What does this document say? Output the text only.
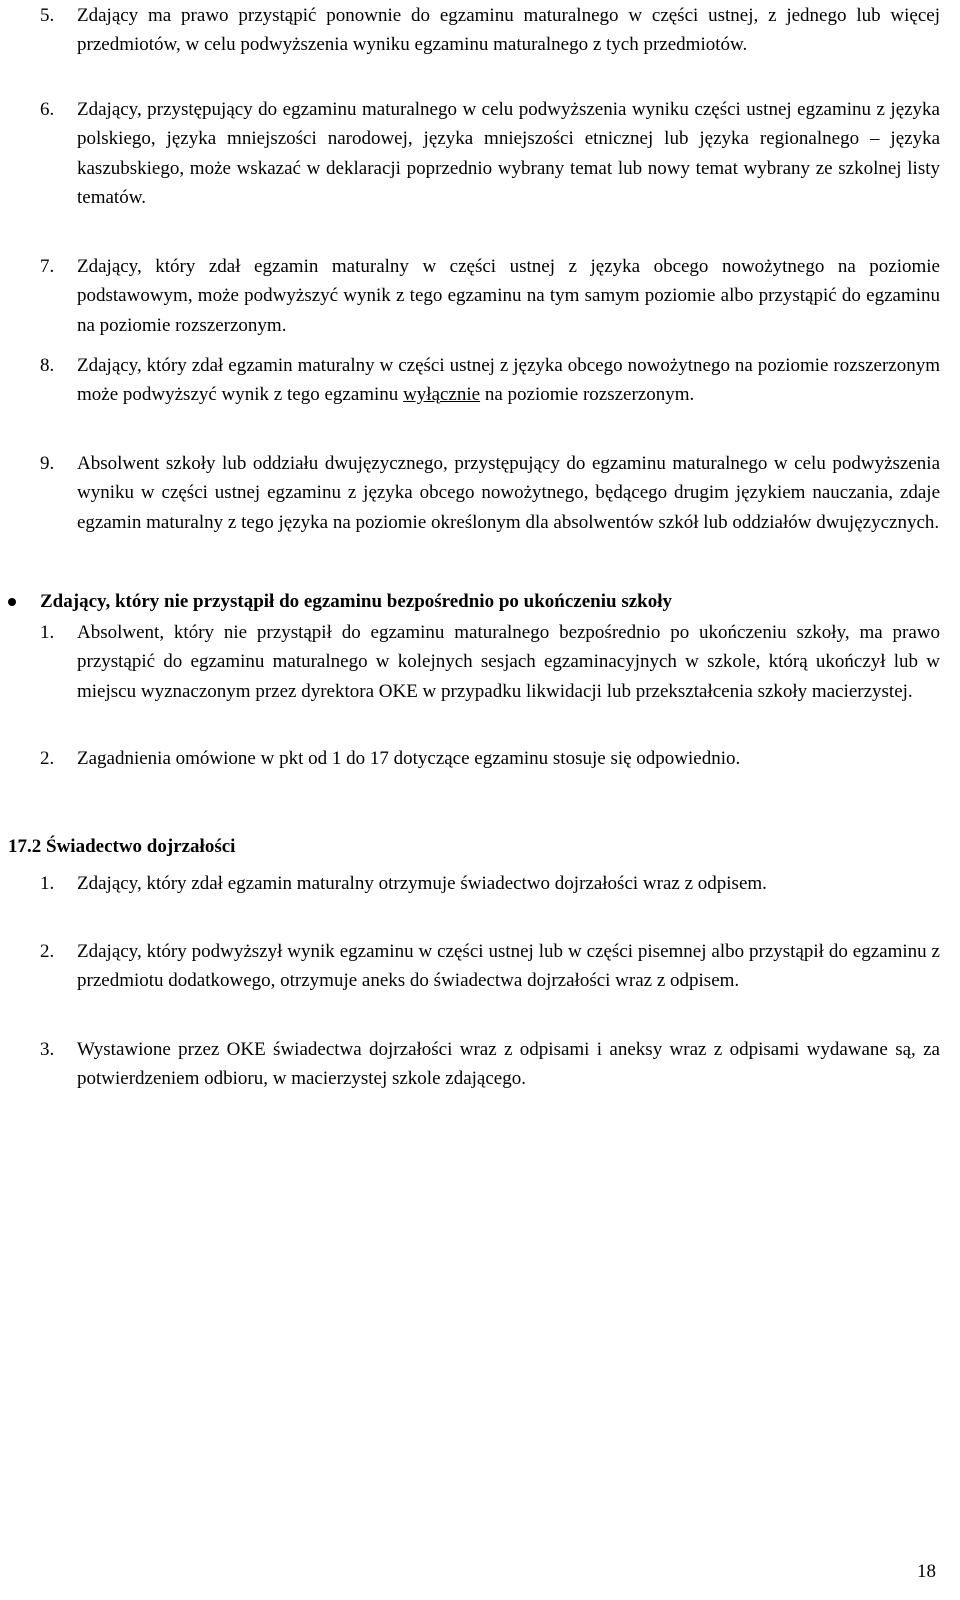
5. Zdający ma prawo przystąpić ponownie do egzaminu maturalnego w części ustnej, z jednego lub więcej przedmiotów, w celu podwyższenia wyniku egzaminu maturalnego z tych przedmiotów.
6. Zdający, przystępujący do egzaminu maturalnego w celu podwyższenia wyniku części ustnej egzaminu z języka polskiego, języka mniejszości narodowej, języka mniejszości etnicznej lub języka regionalnego – języka kaszubskiego, może wskazać w deklaracji poprzednio wybrany temat lub nowy temat wybrany ze szkolnej listy tematów.
7. Zdający, który zdał egzamin maturalny w części ustnej z języka obcego nowożytnego na poziomie podstawowym, może podwyższyć wynik z tego egzaminu na tym samym poziomie albo przystąpić do egzaminu na poziomie rozszerzonym.
8. Zdający, który zdał egzamin maturalny w części ustnej z języka obcego nowożytnego na poziomie rozszerzonym może podwyższyć wynik z tego egzaminu wyłącznie na poziomie rozszerzonym.
9. Absolwent szkoły lub oddziału dwujęzycznego, przystępujący do egzaminu maturalnego w celu podwyższenia wyniku w części ustnej egzaminu z języka obcego nowożytnego, będącego drugim językiem nauczania, zdaje egzamin maturalny z tego języka na poziomie określonym dla absolwentów szkół lub oddziałów dwujęzycznych.
Zdający, który nie przystąpił do egzaminu bezpośrednio po ukończeniu szkoły
1. Absolwent, który nie przystąpił do egzaminu maturalnego bezpośrednio po ukończeniu szkoły, ma prawo przystąpić do egzaminu maturalnego w kolejnych sesjach egzaminacyjnych w szkole, którą ukończył lub w miejscu wyznaczonym przez dyrektora OKE w przypadku likwidacji lub przekształcenia szkoły macierzystej.
2. Zagadnienia omówione w pkt od 1 do 17 dotyczące egzaminu stosuje się odpowiednio.
17.2 Świadectwo dojrzałości
1. Zdający, który zdał egzamin maturalny otrzymuje świadectwo dojrzałości wraz z odpisem.
2. Zdający, który podwyższył wynik egzaminu w części ustnej lub w części pisemnej albo przystąpił do egzaminu z przedmiotu dodatkowego, otrzymuje aneks do świadectwa dojrzałości wraz z odpisem.
3. Wystawione przez OKE świadectwa dojrzałości wraz z odpisami i aneksy wraz z odpisami wydawane są, za potwierdzeniem odbioru, w macierzystej szkole zdającego.
18
